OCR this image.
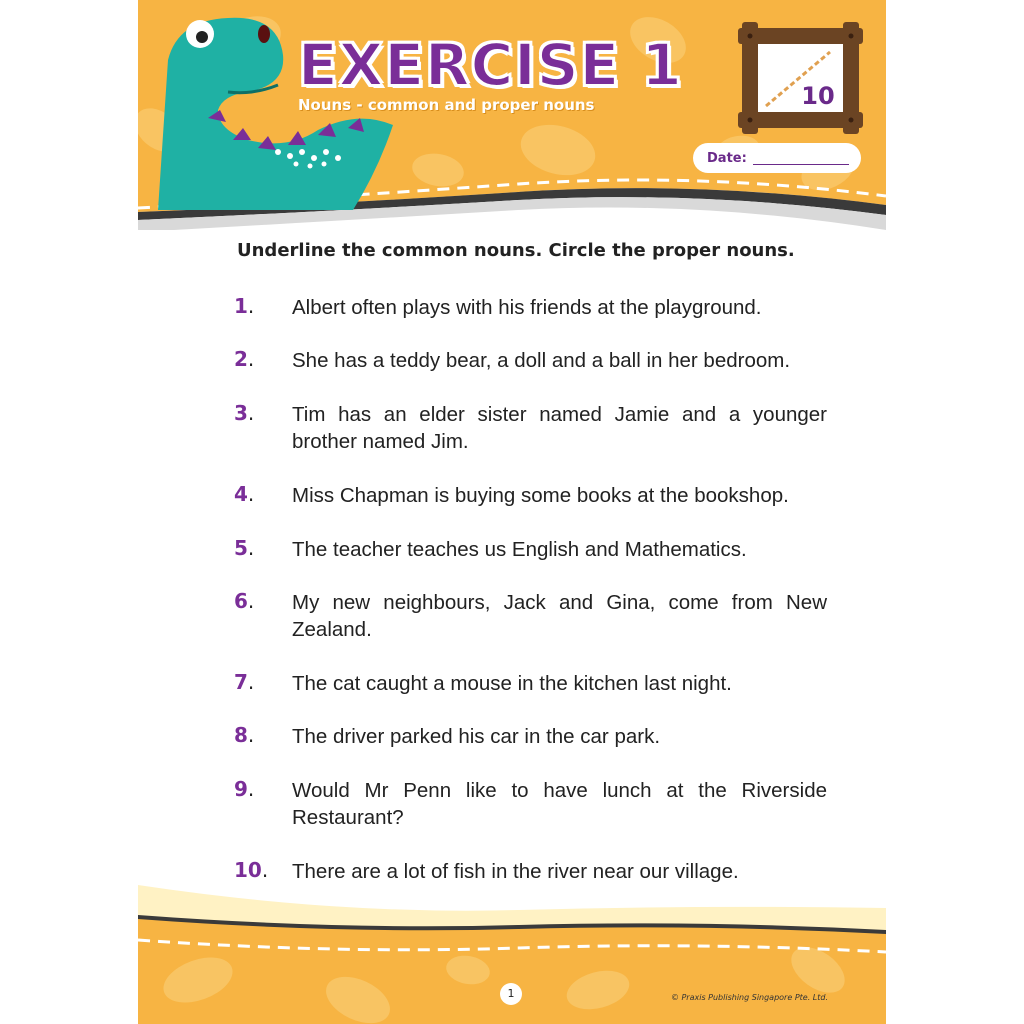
EXERCISE 1
Nouns - common and proper nouns	10
Date:
Underline the common nouns. Circle the proper nouns.
1.	Albert often plays with his friends at the playground.
2.	She has a teddy bear, a doll and a ball in her bedroom.
3.	Tim has an elder sister named Jamie and a younger brother named Jim.
4.	Miss Chapman is buying some books at the bookshop.
5.	The teacher teaches us English and Mathematics.
6.	My new neighbours, Jack and Gina, come from New Zealand.
7.	The cat caught a mouse in the kitchen last night.
8.	The driver parked his car in the car park.
9.	Would Mr Penn like to have lunch at the Riverside Restaurant?
10.	There are a lot of fish in the river near our village.
1	© Praxis Publishing Singapore Pte. Ltd.
